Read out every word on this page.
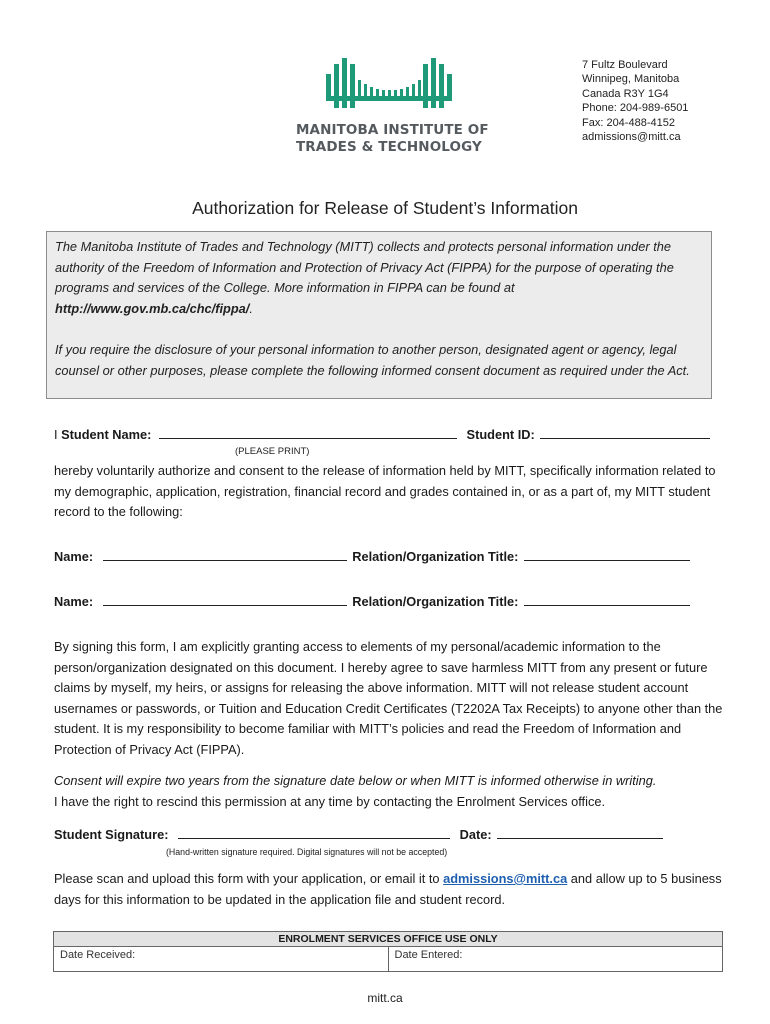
MANITOBA INSTITUTE OF
TRADES & TECHNOLOGY
7 Fultz Boulevard
Winnipeg, Manitoba
Canada R3Y 1G4
Phone: 204-989-6501
Fax: 204-488-4152
admissions@mitt.ca
Authorization for Release of Student’s Information

The Manitoba Institute of Trades and Technology (MITT) collects and protects personal information under the authority of the Freedom of Information and Protection of Privacy Act (FIPPA) for the purpose of operating the programs and services of the College. More information in FIPPA can be found at http://www.gov.mb.ca/chc/fippa/.

If you require the disclosure of your personal information to another person, designated agent or agency, legal counsel or other purposes, please complete the following informed consent document as required under the Act.

I Student Name:	Student ID:
(PLEASE PRINT)
hereby voluntarily authorize and consent to the release of information held by MITT, specifically information related to my demographic, application, registration, financial record and grades contained in, or as a part of, my MITT student record to the following:
Name:	Relation/Organization Title:
Name:	Relation/Organization Title:
By signing this form, I am explicitly granting access to elements of my personal/academic information to the person/organization designated on this document. I hereby agree to save harmless MITT from any present or future claims by myself, my heirs, or assigns for releasing the above information. MITT will not release student account usernames or passwords, or Tuition and Education Credit Certificates (T2202A Tax Receipts) to anyone other than the student. It is my responsibility to become familiar with MITT’s policies and read the Freedom of Information and Protection of Privacy Act (FIPPA).

Consent will expire two years from the signature date below or when MITT is informed otherwise in writing.

I have the right to rescind this permission at any time by contacting the Enrolment Services office.

Student Signature:	Date:
(Hand-written signature required. Digital signatures will not be accepted)
Please scan and upload this form with your application, or email it to admissions@mitt.ca and allow up to 5 business days for this information to be updated in the application file and student record.
ENROLMENT SERVICES OFFICE USE ONLY
Date Received:	Date Entered:
mitt.ca
